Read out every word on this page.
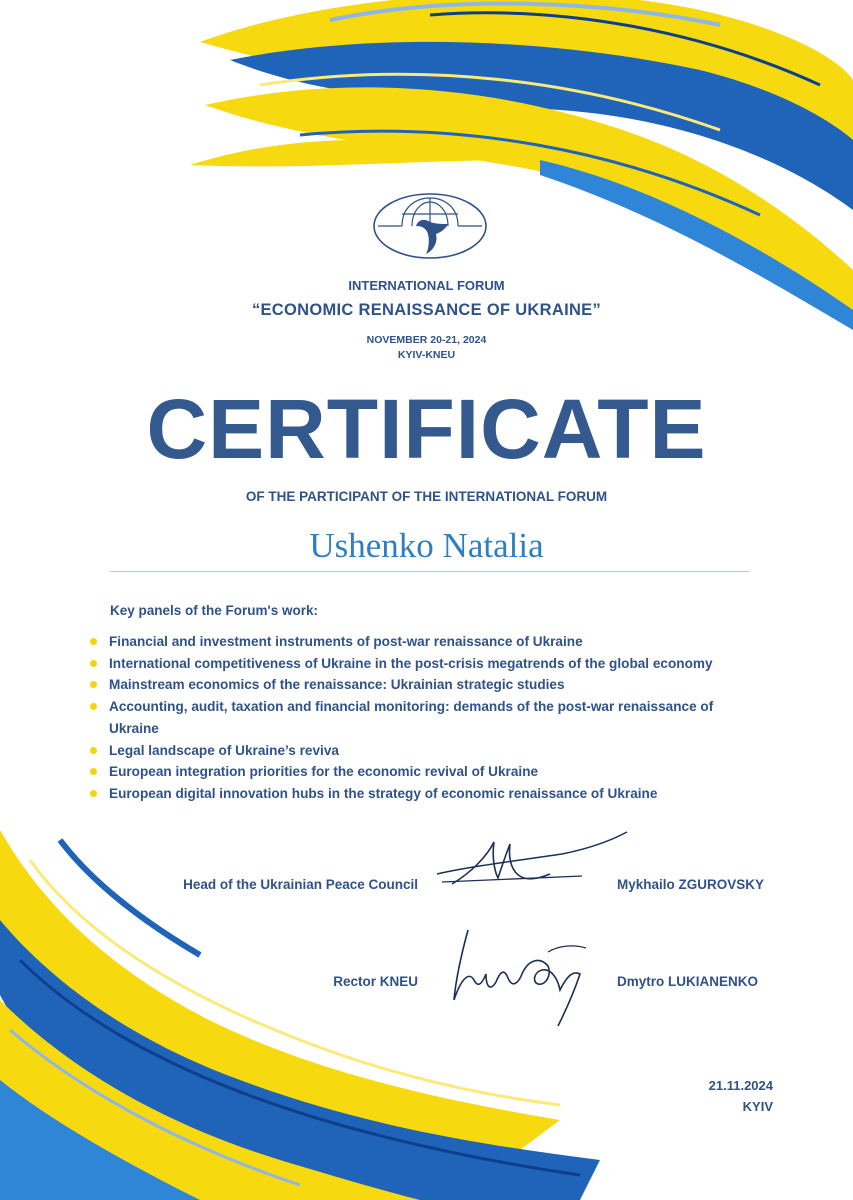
INTERNATIONAL FORUM
“ECONOMIC RENAISSANCE OF UKRAINE”
NOVEMBER 20-21, 2024
KYIV-KNEU
CERTIFICATE
OF THE PARTICIPANT OF THE INTERNATIONAL FORUM
Ushenko Natalia
Key panels of the Forum's work:
Financial and investment instruments of post-war renaissance of Ukraine
International competitiveness of Ukraine in the post-crisis megatrends of the global economy
Mainstream economics of the renaissance: Ukrainian strategic studies
Accounting, audit, taxation and financial monitoring: demands of the post-war renaissance of Ukraine
Legal landscape of Ukraine’s reviva
European integration priorities for the economic revival of Ukraine
European digital innovation hubs in the strategy of economic renaissance of Ukraine
Head of the Ukrainian Peace Council	Mykhailo ZGUROVSKY
Rector KNEU	Dmytro LUKIANENKO
21.11.2024
KYIV
